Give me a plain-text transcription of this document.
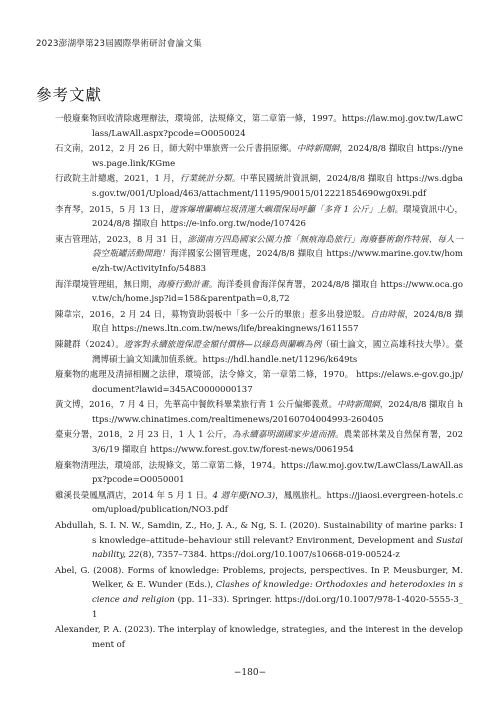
2023澎湖學第23屆國際學術研討會論文集
參考文獻
一般廢棄物回收清除處理辦法，環境部，法規條文，第二章第一條，1997。https://law.moj.gov.tw/LawClass/LawAll.aspx?pcode=O0050024
石文南，2012，2 月 26 日，師大附中畢旅齊一公斤書捐原鄉。中時新聞網，2024/8/8 擷取自 https://ynews.page.link/KGme
行政院主計總處，2021，1 月，行業統計分類。中華民國統計資訊網，2024/8/8 擷取自 https://ws.dgbas.gov.tw/001/Upload/463/attachment/11195/90015/012221854690wg0x9i.pdf
李育琴，2015，5 月 13 日，遊客爆增蘭嶼垃圾清運大嶼環保局呼籲「多背 1 公斤」上船。環境資訊中心，2024/8/8 擷取自 https://e-info.org.tw/node/107426
東吉管理站，2023，8 月 31 日，澎湖南方四島國家公園力推「無痕海島旅行」海廢藝術創作特展、每人一袋空瓶罐活動開跑！海洋國家公園管理處，2024/8/8 擷取自 https://www.marine.gov.tw/home/zh-tw/ActivityInfo/54883
海洋環境管理組，無日期，海廢行動計畫。海洋委員會海洋保育署，2024/8/8 擷取自 https://www.oca.gov.tw/ch/home.jsp?id=158&parentpath=0,8,72
陳韋宗，2016，2 月 24 日，募物資助弱板中「多一公斤的畢旅」惹多出發逆駁。自由時報，2024/8/8 擷取自 https://news.ltn.com.tw/news/life/breakingnews/1611557
陳鍵群（2024）。遊客對永續旅遊保證金額付價格—以綠島與蘭嶼為例（碩士論文，國立高雄科技大學）。臺灣博碩士論文知識加值系統。https://hdl.handle.net/11296/k649ts
廢棄物的處理及清掃相關之法律，環境部，法令條文，第一章第二條，1970。 https://elaws.e-gov.go.jp/document?lawid=345AC0000000137
黃文博，2016，7 月 4 日，先華高中餐飲科畢業旅行背 1 公斤偏鄉義煮。中時新聞網，2024/8/8 擷取自 https://www.chinatimes.com/realtimenews/20160704004993-260405
臺東分署，2018，2 月 23 日，1 人 1 公斤，為永續嘉明湖國家步道而揹。農業部林業及自然保育署，2023/6/19 擷取自 https://www.forest.gov.tw/forest-news/0061954
廢棄物清理法，環境部，法規條文，第二章第二條，1974。https://law.moj.gov.tw/LawClass/LawAll.aspx?pcode=O0050001
雞溪長榮鳳凰酒店，2014 年 5 月 1 日。4 週年慶(NO.3)，鳳凰旅札。https://jiaosi.evergreen-hotels.com/upload/publication/NO3.pdf
Abdullah, S. I. N. W., Samdin, Z., Ho, J. A., & Ng, S. I. (2020). Sustainability of marine parks: Is knowledge–attitude–behaviour still relevant? Environment, Development and Sustainability, 22(8), 7357–7384. https://doi.org/10.1007/s10668-019-00524-z
Abel, G. (2008). Forms of knowledge: Problems, projects, perspectives. In P. Meusburger, M. Welker, & E. Wunder (Eds.), Clashes of knowledge: Orthodoxies and heterodoxies in science and religion (pp. 11–33). Springer. https://doi.org/10.1007/978-1-4020-5555-3_1
Alexander, P. A. (2023). The interplay of knowledge, strategies, and the interest in the development of
−180−
